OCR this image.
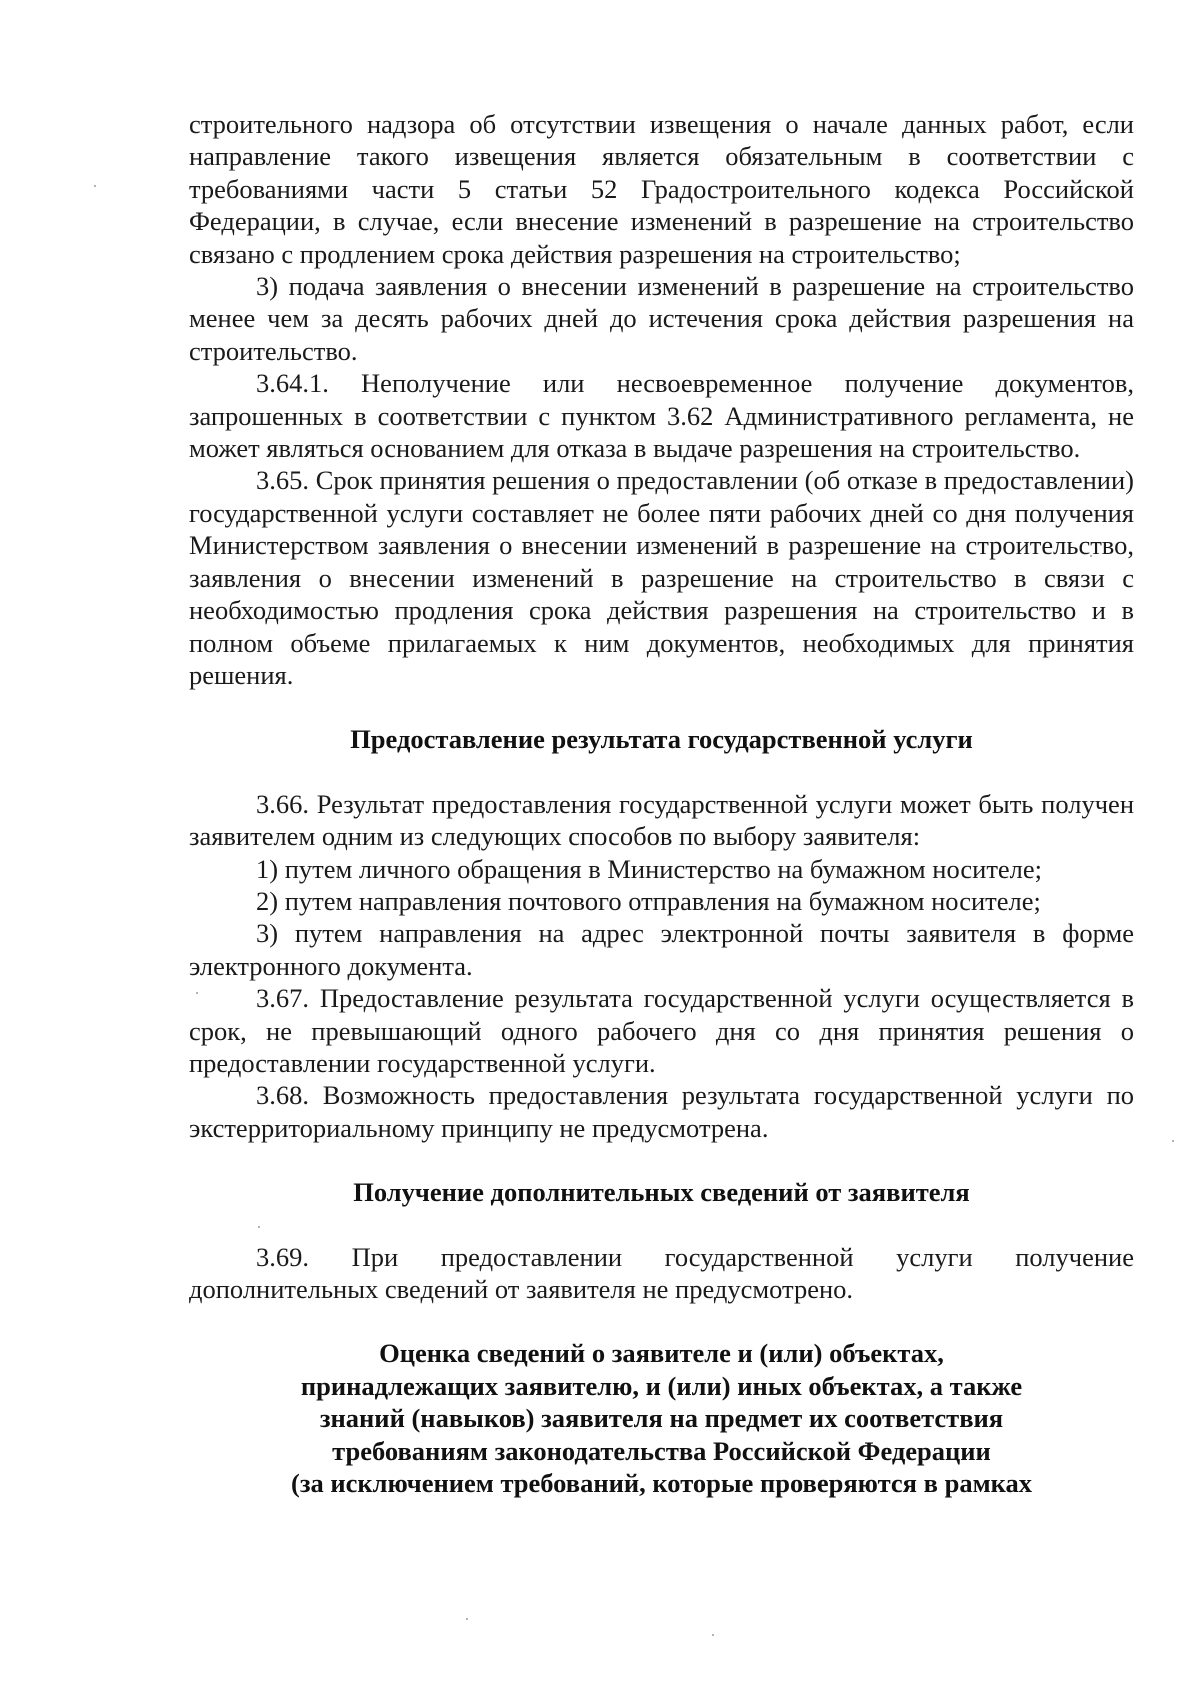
строительного надзора об отсутствии извещения о начале данных работ, если направление такого извещения является обязательным в соответствии с требованиями части 5 статьи 52 Градостроительного кодекса Российской Федерации, в случае, если внесение изменений в разрешение на строительство связано с продлением срока действия разрешения на строительство;

3) подача заявления о внесении изменений в разрешение на строительство менее чем за десять рабочих дней до истечения срока действия разрешения на строительство.

3.64.1. Неполучение или несвоевременное получение документов, запрошенных в соответствии с пунктом 3.62 Административного регламента, не может являться основанием для отказа в выдаче разрешения на строительство.

3.65. Срок принятия решения о предоставлении (об отказе в предоставлении) государственной услуги составляет не более пяти рабочих дней со дня получения Министерством заявления о внесении изменений в разрешение на строительство, заявления о внесении изменений в разрешение на строительство в связи с необходимостью продления срока действия разрешения на строительство и в полном объеме прилагаемых к ним документов, необходимых для принятия решения.

Предоставление результата государственной услуги

3.66. Результат предоставления государственной услуги может быть получен заявителем одним из следующих способов по выбору заявителя:

1) путем личного обращения в Министерство на бумажном носителе;

2) путем направления почтового отправления на бумажном носителе;

3) путем направления на адрес электронной почты заявителя в форме электронного документа.

3.67. Предоставление результата государственной услуги осуществляется в срок, не превышающий одного рабочего дня со дня принятия решения о предоставлении государственной услуги.

3.68. Возможность предоставления результата государственной услуги по экстерриториальному принципу не предусмотрена.

Получение дополнительных сведений от заявителя

3.69. При предоставлении государственной услуги получение дополнительных сведений от заявителя не предусмотрено.

Оценка сведений о заявителе и (или) объектах,

принадлежащих заявителю, и (или) иных объектах, а также

знаний (навыков) заявителя на предмет их соответствия

требованиям законодательства Российской Федерации

(за исключением требований, которые проверяются в рамках
